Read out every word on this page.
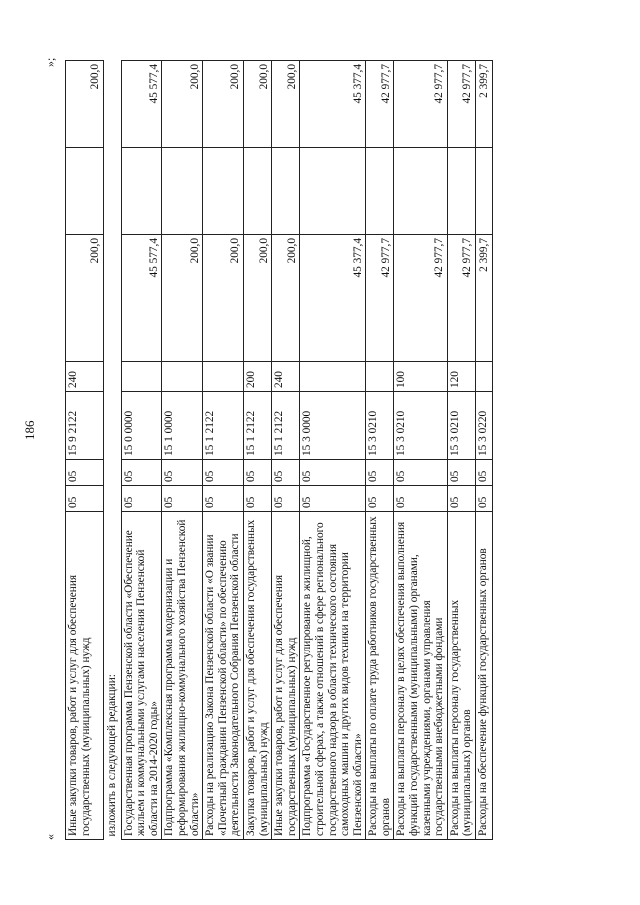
186
«
»;
Иные закупки товаров, работ и услуг для обеспечения государственных (муниципальных) нужд	05	05	15 9 2122	240	200,0		200,0
изложить в следующей редакции:							
Государственная программа Пензенской области «Обеспечение жильем и коммунальными услугами населения Пензенской области на 2014-2020 годы»	05	05	15 0 0000		45 577,4		45 577,4
Подпрограмма «Комплексная программа модернизации и реформирования жилищно-коммунального хозяйства Пензенской области»	05	05	15 1 0000		200,0		200,0
Расходы на реализацию Закона Пензенской области «О звании «Почетный гражданин Пензенской области» по обеспечению деятельности Законодательного Собрания Пензенской области	05	05	15 1 2122		200,0		200,0
Закупка товаров, работ и услуг для обеспечения государственных (муниципальных) нужд	05	05	15 1 2122	200	200,0		200,0
Иные закупки товаров, работ и услуг для обеспечения государственных (муниципальных) нужд	05	05	15 1 2122	240	200,0		200,0
Подпрограмма «Государственное регулирование в жилищной, строительной сферах, а также отношений в сфере регионального государственного надзора в области технического состояния самоходных машин и других видов техники на территории Пензенской области»	05	05	15 3 0000		45 377,4		45 377,4
Расходы на выплаты по оплате труда работников государственных органов	05	05	15 3 0210		42 977,7		42 977,7
Расходы на выплаты персоналу в целях обеспечения выполнения функций государственными (муниципальными) органами, казенными учреждениями, органами управления государственными внебюджетными фондами	05	05	15 3 0210	100	42 977,7		42 977,7
Расходы на выплаты персоналу государственных (муниципальных) органов	05	05	15 3 0210	120	42 977,7		42 977,7
Расходы на обеспечение функций государственных органов	05	05	15 3 0220		2 399,7		2 399,7
